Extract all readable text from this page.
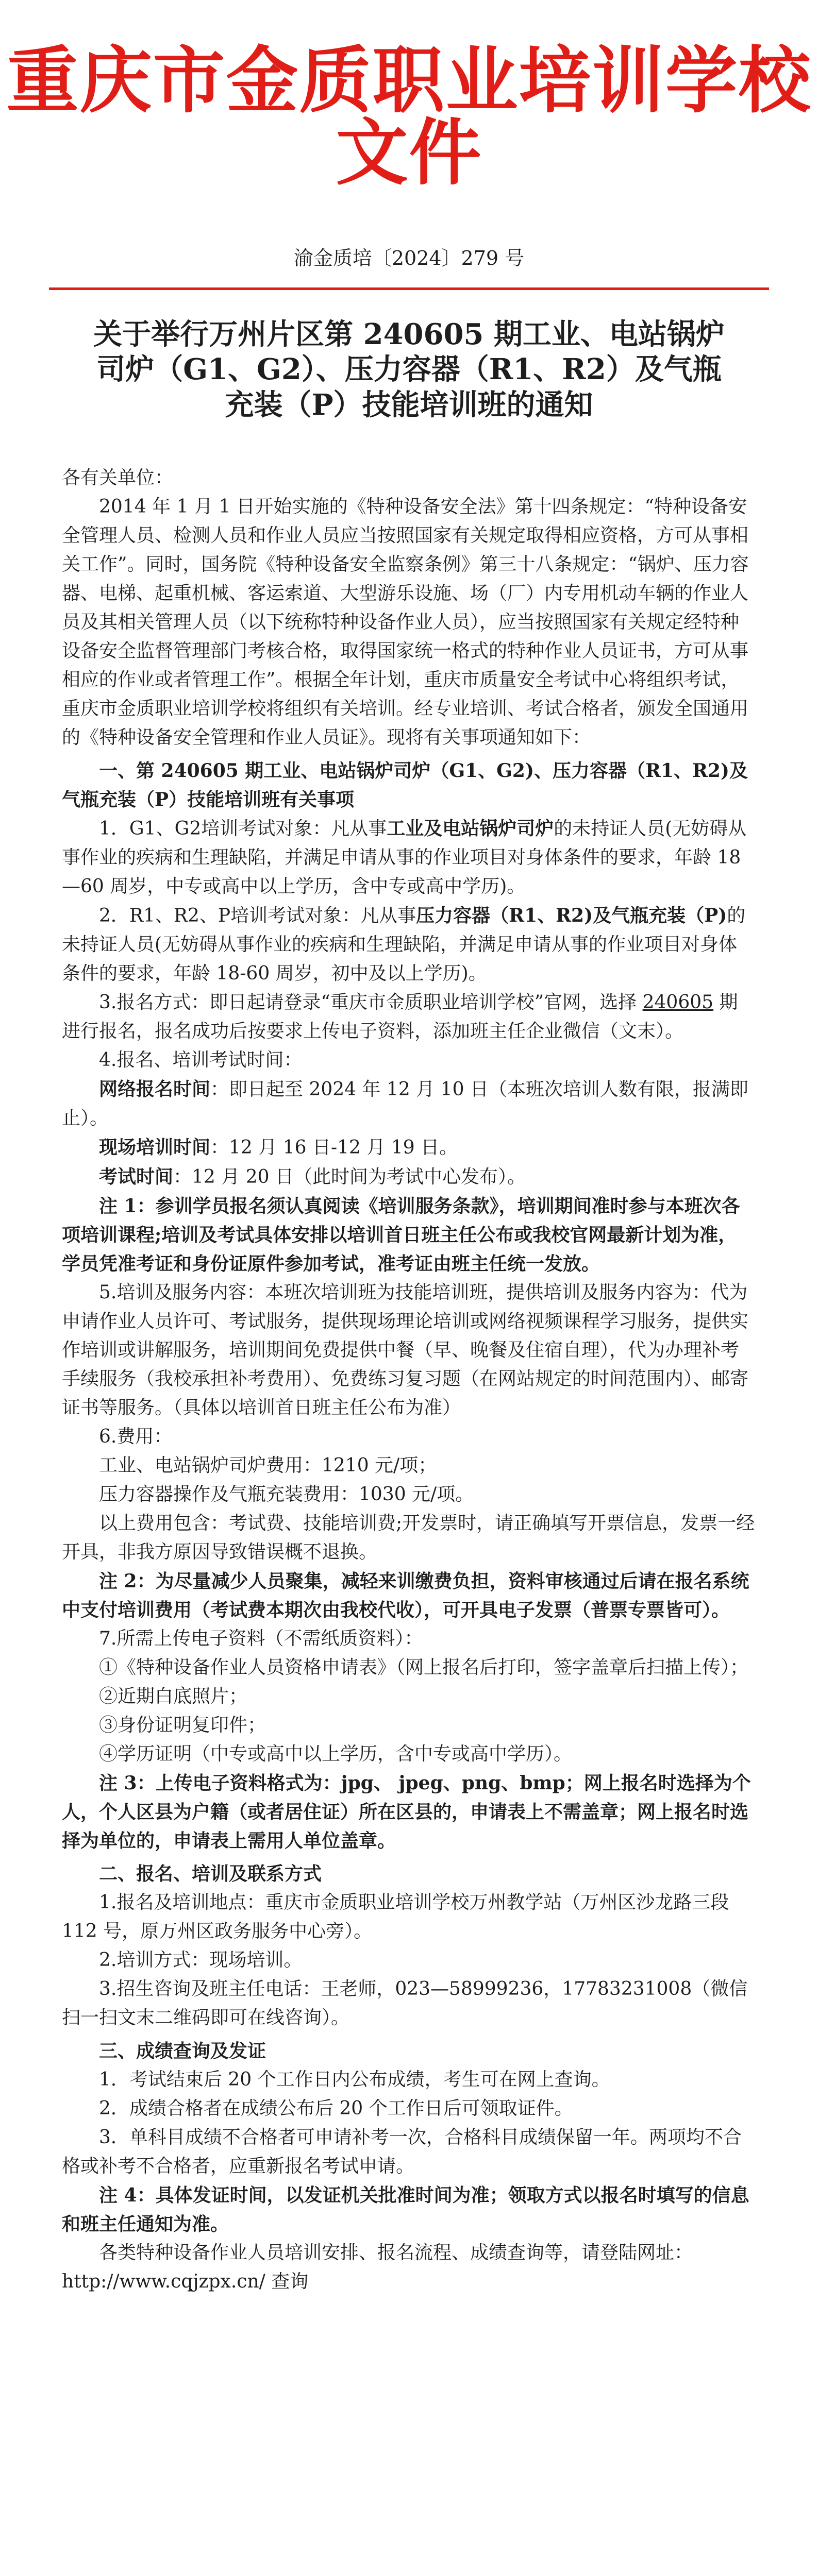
重庆市金质职业培训学校文件
渝金质培〔2024〕279 号
关于举行万州片区第 240605 期工业、电站锅炉司炉（G1、G2）、压力容器（R1、R2）及气瓶充装（P）技能培训班的通知

各有关单位：

2014 年 1 月 1 日开始实施的《特种设备安全法》第十四条规定：“特种设备安全管理人员、检测人员和作业人员应当按照国家有关规定取得相应资格，方可从事相关工作”。同时，国务院《特种设备安全监察条例》第三十八条规定：“锅炉、压力容器、电梯、起重机械、客运索道、大型游乐设施、场（厂）内专用机动车辆的作业人员及其相关管理人员（以下统称特种设备作业人员），应当按照国家有关规定经特种设备安全监督管理部门考核合格，取得国家统一格式的特种作业人员证书，方可从事相应的作业或者管理工作”。根据全年计划，重庆市质量安全考试中心将组织考试，重庆市金质职业培训学校将组织有关培训。经专业培训、考试合格者，颁发全国通用的《特种设备安全管理和作业人员证》。现将有关事项通知如下：

一、第 240605 期工业、电站锅炉司炉（G1、G2)、压力容器（R1、R2)及气瓶充装（P）技能培训班有关事项

1．G1、G2培训考试对象：凡从事工业及电站锅炉司炉的未持证人员(无妨碍从事作业的疾病和生理缺陷，并满足申请从事的作业项目对身体条件的要求，年龄 18—60 周岁，中专或高中以上学历，含中专或高中学历)。

2．R1、R2、P培训考试对象：凡从事压力容器（R1、R2)及气瓶充装（P)的未持证人员(无妨碍从事作业的疾病和生理缺陷，并满足申请从事的作业项目对身体条件的要求，年龄 18-60 周岁，初中及以上学历)。

3.报名方式：即日起请登录“重庆市金质职业培训学校”官网，选择 240605 期进行报名，报名成功后按要求上传电子资料，添加班主任企业微信（文末）。

4.报名、培训考试时间：

网络报名时间：即日起至 2024 年 12 月 10 日（本班次培训人数有限，报满即止）。

现场培训时间：12 月 16 日-12 月 19 日。

考试时间：12 月 20 日（此时间为考试中心发布）。

注 1：参训学员报名须认真阅读《培训服务条款》，培训期间准时参与本班次各项培训课程;培训及考试具体安排以培训首日班主任公布或我校官网最新计划为准，学员凭准考证和身份证原件参加考试，准考证由班主任统一发放。

5.培训及服务内容：本班次培训班为技能培训班，提供培训及服务内容为：代为申请作业人员许可、考试服务，提供现场理论培训或网络视频课程学习服务，提供实作培训或讲解服务，培训期间免费提供中餐（早、晚餐及住宿自理），代为办理补考手续服务（我校承担补考费用）、免费练习复习题（在网站规定的时间范围内）、邮寄证书等服务。（具体以培训首日班主任公布为准）

6.费用：

工业、电站锅炉司炉费用：1210 元/项；

压力容器操作及气瓶充装费用：1030 元/项。

以上费用包含：考试费、技能培训费;开发票时，请正确填写开票信息，发票一经开具，非我方原因导致错误概不退换。

注 2：为尽量减少人员聚集，减轻来训缴费负担，资料审核通过后请在报名系统中支付培训费用（考试费本期次由我校代收），可开具电子发票（普票专票皆可）。

7.所需上传电子资料（不需纸质资料）：

①《特种设备作业人员资格申请表》（网上报名后打印，签字盖章后扫描上传）；

②近期白底照片；

③身份证明复印件；

④学历证明（中专或高中以上学历，含中专或高中学历）。

注 3：上传电子资料格式为：jpg、 jpeg、png、bmp；网上报名时选择为个人，个人区县为户籍（或者居住证）所在区县的，申请表上不需盖章；网上报名时选择为单位的，申请表上需用人单位盖章。

二、报名、培训及联系方式

1.报名及培训地点：重庆市金质职业培训学校万州教学站（万州区沙龙路三段 112 号，原万州区政务服务中心旁）。

2.培训方式：现场培训。

3.招生咨询及班主任电话：王老师，023—58999236，17783231008（微信扫一扫文末二维码即可在线咨询）。

三、成绩查询及发证

1．考试结束后 20 个工作日内公布成绩，考生可在网上查询。

2．成绩合格者在成绩公布后 20 个工作日后可领取证件。

3．单科目成绩不合格者可申请补考一次，合格科目成绩保留一年。两项均不合格或补考不合格者，应重新报名考试申请。

注 4：具体发证时间，以发证机关批准时间为准；领取方式以报名时填写的信息和班主任通知为准。

各类特种设备作业人员培训安排、报名流程、成绩查询等，请登陆网址：http://www.cqjzpx.cn/ 查询
